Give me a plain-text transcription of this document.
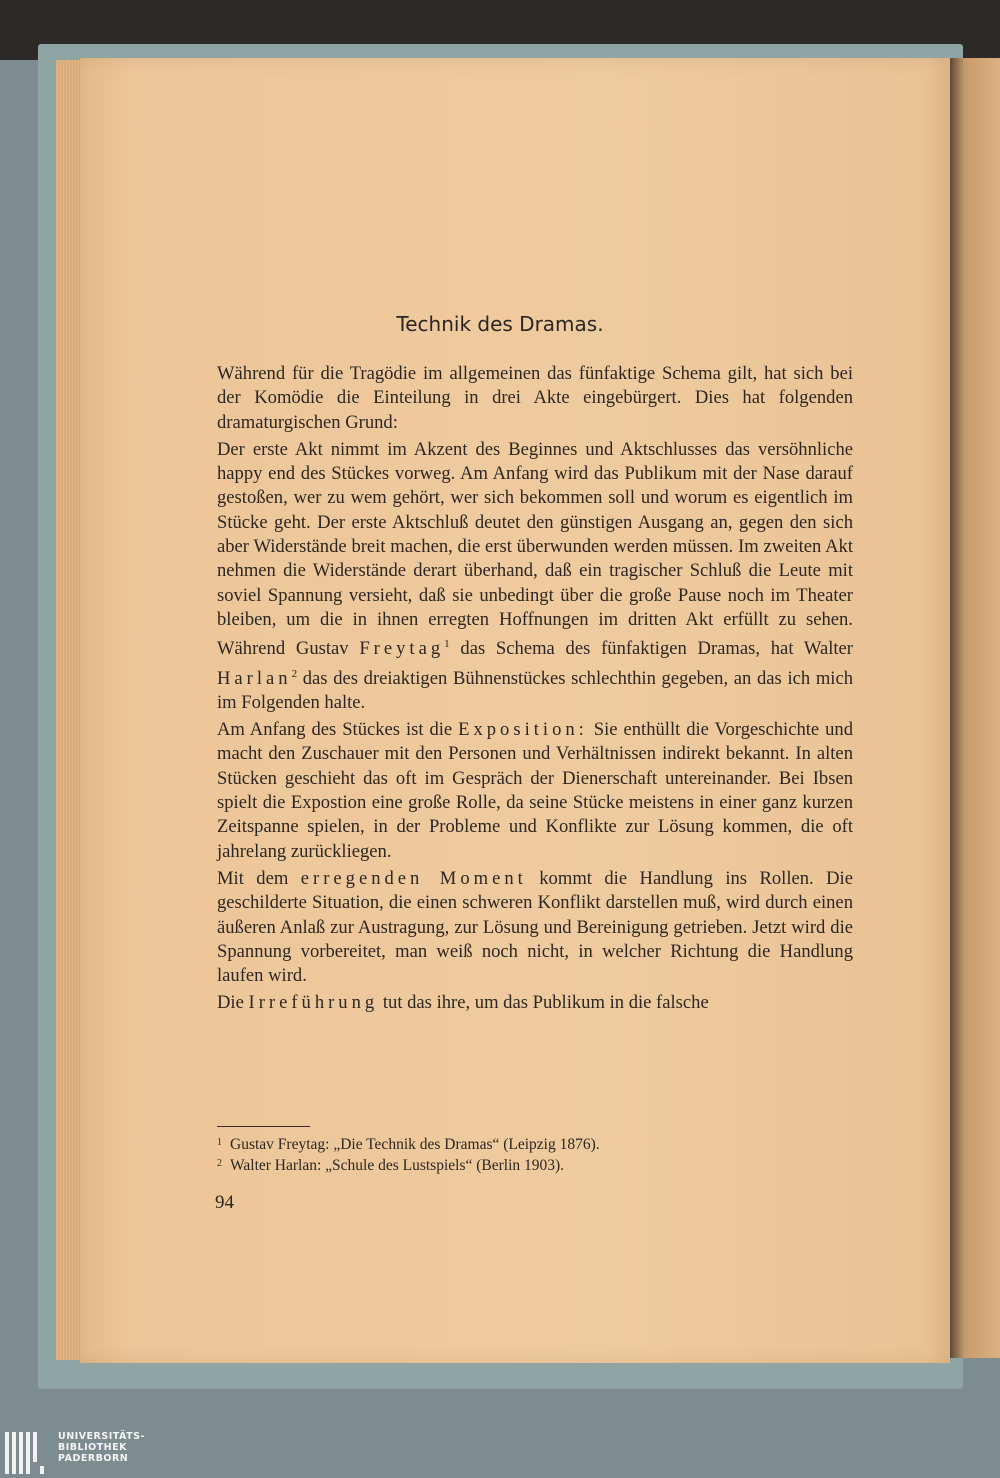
Technik des Dramas.

Während für die Tragödie im allgemeinen das fünfaktige Schema gilt, hat sich bei der Komödie die Einteilung in drei Akte eingebürgert. Dies hat folgenden dramaturgischen Grund:

Der erste Akt nimmt im Akzent des Beginnes und Aktschlusses das versöhnliche happy end des Stückes vorweg. Am Anfang wird das Publikum mit der Nase darauf gestoßen, wer zu wem gehört, wer sich bekommen soll und worum es eigentlich im Stücke geht. Der erste Aktschluß deutet den günstigen Ausgang an, gegen den sich aber Widerstände breit machen, die erst überwunden werden müssen. Im zweiten Akt nehmen die Widerstände derart überhand, daß ein tragischer Schluß die Leute mit soviel Spannung versieht, daß sie unbedingt über die große Pause noch im Theater bleiben, um die in ihnen erregten Hoffnungen im dritten Akt erfüllt zu sehen. Während Gustav Freytag$^1$ das Schema des fünfaktigen Dramas, hat Walter Harlan$^2$ das des dreiaktigen Bühnenstückes schlechthin gegeben, an das ich mich im Folgenden halte.

Am Anfang des Stückes ist die Exposition: Sie enthüllt die Vorgeschichte und macht den Zuschauer mit den Personen und Verhältnissen indirekt bekannt. In alten Stücken geschieht das oft im Gespräch der Dienerschaft untereinander. Bei Ibsen spielt die Expostion eine große Rolle, da seine Stücke meistens in einer ganz kurzen Zeitspanne spielen, in der Probleme und Konflikte zur Lösung kommen, die oft jahrelang zurückliegen.

Mit dem erregenden Moment kommt die Handlung ins Rollen. Die geschilderte Situation, die einen schweren Konflikt darstellen muß, wird durch einen äußeren Anlaß zur Austragung, zur Lösung und Bereinigung getrieben. Jetzt wird die Spannung vorbereitet, man weiß noch nicht, in welcher Richtung die Handlung laufen wird.

Die Irreführung tut das ihre, um das Publikum in die falsche

$^1$ Gustav Freytag: „Die Technik des Dramas“ (Leipzig 1876).
$^2$ Walter Harlan: „Schule des Lustspiels“ (Berlin 1903).
94
UNIVERSITÄTS-
BIBLIOTHEK
PADERBORN
